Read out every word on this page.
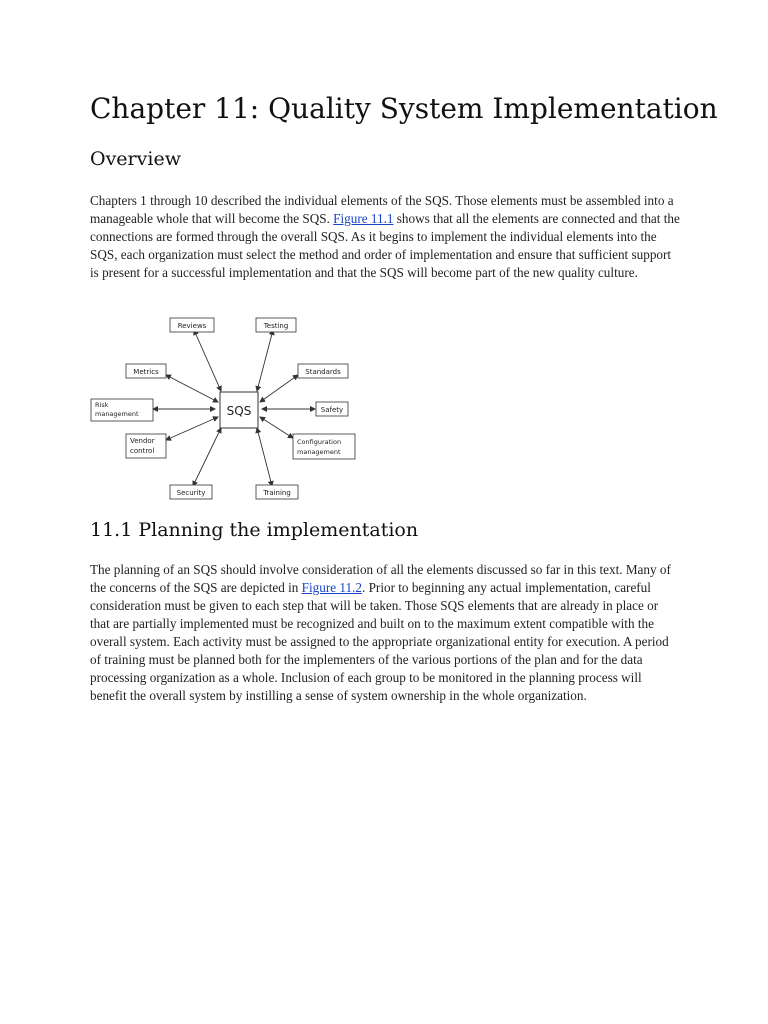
Chapter 11: Quality System Implementation
Overview

Chapters 1 through 10 described the individual elements of the SQS. Those elements must be assembled into a manageable whole that will become the SQS. Figure 11.1 shows that all the elements are connected and that the connections are formed through the overall SQS. As it begins to implement the individual elements into the SQS, each organization must select the method and order of implementation and ensure that sufficient support is present for a successful implementation and that the SQS will become part of the new quality culture.

SQS
Reviews	Testing
Metrics	Standards
Risk
management	Safety
Vendor
control
Configuration
management
Security	Training
11.1 Planning the implementation

The planning of an SQS should involve consideration of all the elements discussed so far in this text. Many of the concerns of the SQS are depicted in Figure 11.2. Prior to beginning any actual implementation, careful consideration must be given to each step that will be taken. Those SQS elements that are already in place or that are partially implemented must be recognized and built on to the maximum extent compatible with the overall system. Each activity must be assigned to the appropriate organizational entity for execution. A period of training must be planned both for the implementers of the various portions of the plan and for the data processing organization as a whole. Inclusion of each group to be monitored in the planning process will benefit the overall system by instilling a sense of system ownership in the whole organization.
